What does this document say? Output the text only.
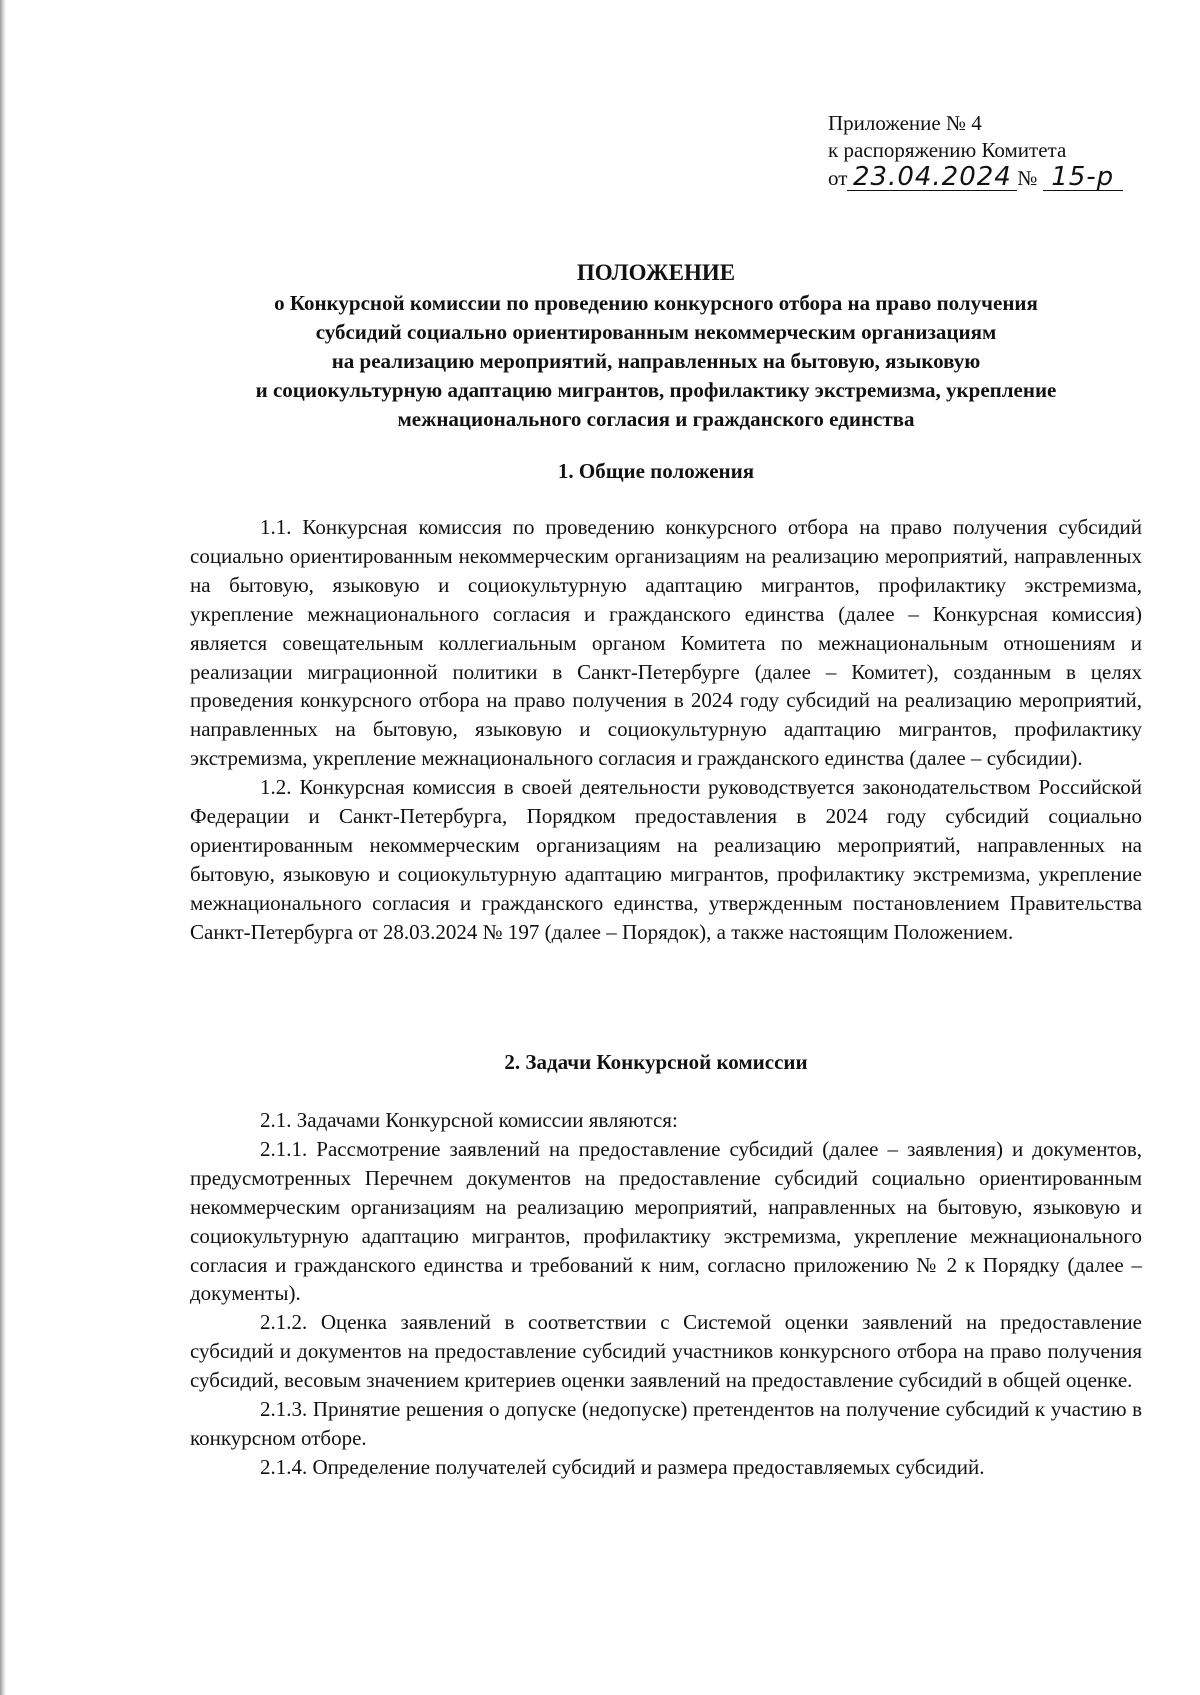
Приложение № 4
к распоряжению Комитета
от 23.04.2024 № 15-р
ПОЛОЖЕНИЕ
о Конкурсной комиссии по проведению конкурсного отбора на право получения
субсидий социально ориентированным некоммерческим организациям
на реализацию мероприятий, направленных на бытовую, языковую
и социокультурную адаптацию мигрантов, профилактику экстремизма, укрепление
межнационального согласия и гражданского единства
1. Общие положения

1.1. Конкурсная комиссия по проведению конкурсного отбора на право получения субсидий социально ориентированным некоммерческим организациям на реализацию мероприятий, направленных на бытовую, языковую и социокультурную адаптацию мигрантов, профилактику экстремизма, укрепление межнационального согласия и гражданского единства (далее – Конкурсная комиссия) является совещательным коллегиальным органом Комитета по межнациональным отношениям и реализации миграционной политики в Санкт-Петербурге (далее – Комитет), созданным в целях проведения конкурсного отбора на право получения в 2024 году субсидий на реализацию мероприятий, направленных на бытовую, языковую и социокультурную адаптацию мигрантов, профилактику экстремизма, укрепление межнационального согласия и гражданского единства (далее – субсидии).

1.2. Конкурсная комиссия в своей деятельности руководствуется законодательством Российской Федерации и Санкт-Петербурга, Порядком предоставления в 2024 году субсидий социально ориентированным некоммерческим организациям на реализацию мероприятий, направленных на бытовую, языковую и социокультурную адаптацию мигрантов, профилактику экстремизма, укрепление межнационального согласия и гражданского единства, утвержденным постановлением Правительства Санкт-Петербурга от 28.03.2024 № 197 (далее – Порядок), а также настоящим Положением.

2. Задачи Конкурсной комиссии

2.1. Задачами Конкурсной комиссии являются:

2.1.1. Рассмотрение заявлений на предоставление субсидий (далее – заявления) и документов, предусмотренных Перечнем документов на предоставление субсидий социально ориентированным некоммерческим организациям на реализацию мероприятий, направленных на бытовую, языковую и социокультурную адаптацию мигрантов, профилактику экстремизма, укрепление межнационального согласия и гражданского единства и требований к ним, согласно приложению № 2 к Порядку (далее – документы).

2.1.2. Оценка заявлений в соответствии с Системой оценки заявлений на предоставление субсидий и документов на предоставление субсидий участников конкурсного отбора на право получения субсидий, весовым значением критериев оценки заявлений на предоставление субсидий в общей оценке.

2.1.3. Принятие решения о допуске (недопуске) претендентов на получение субсидий к участию в конкурсном отборе.

2.1.4. Определение получателей субсидий и размера предоставляемых субсидий.
